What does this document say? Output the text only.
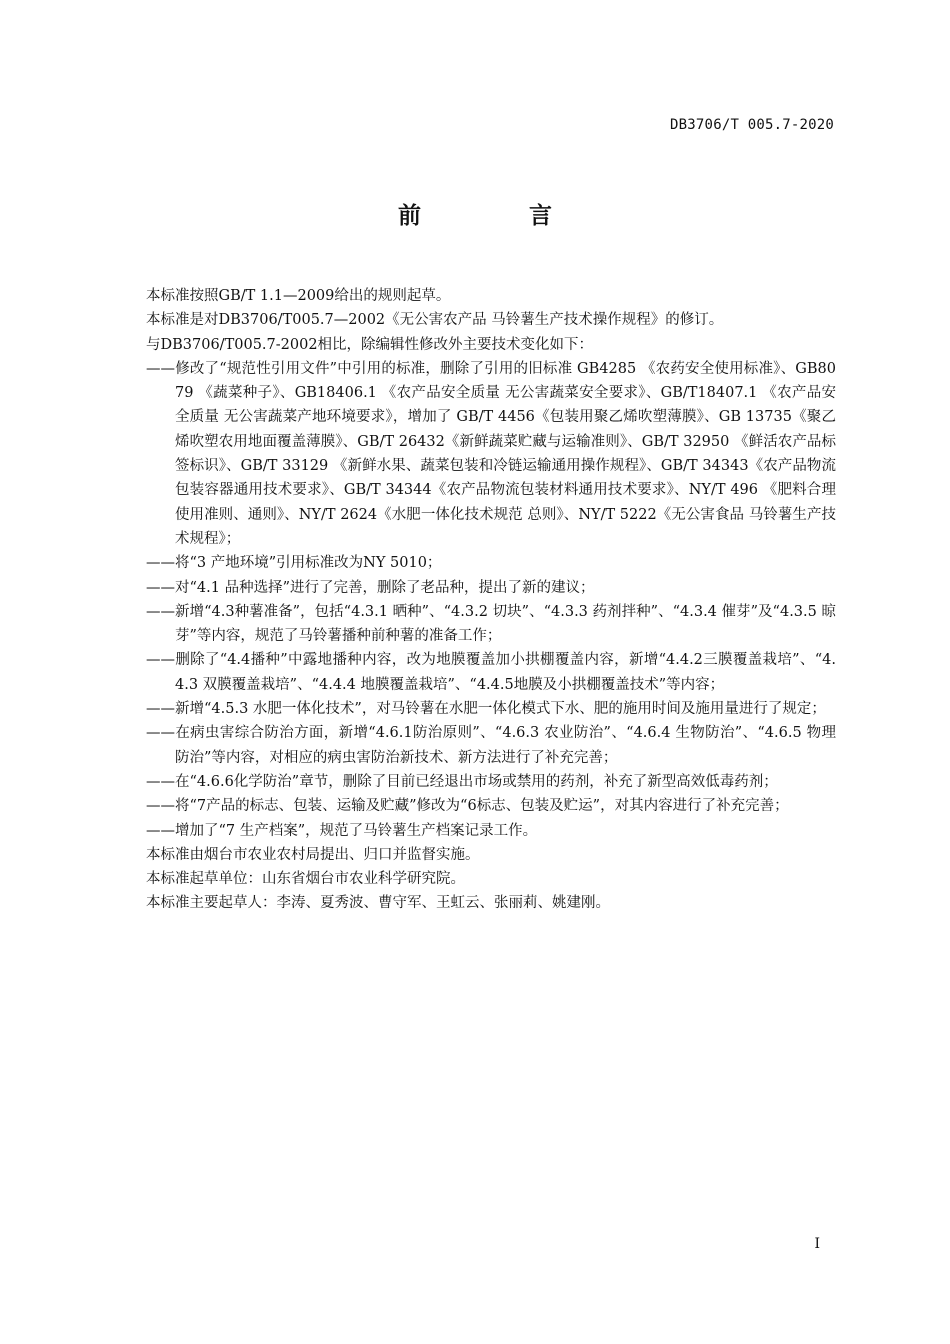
DB3706/T 005.7-2020
前 言

本标准按照GB/T 1.1—2009给出的规则起草。

本标准是对DB3706/T005.7—2002《无公害农产品 马铃薯生产技术操作规程》的修订。

与DB3706/T005.7-2002相比，除编辑性修改外主要技术变化如下：

——修改了“规范性引用文件”中引用的标准，删除了引用的旧标准 GB4285 《农药安全使用标准》、GB8079 《蔬菜种子》、GB18406.1 《农产品安全质量 无公害蔬菜安全要求》、GB/T18407.1 《农产品安全质量 无公害蔬菜产地环境要求》，增加了 GB/T 4456《包装用聚乙烯吹塑薄膜》、GB 13735《聚乙烯吹塑农用地面覆盖薄膜》、GB/T 26432《新鲜蔬菜贮藏与运输准则》、GB/T 32950 《鲜活农产品标签标识》、GB/T 33129 《新鲜水果、蔬菜包装和冷链运输通用操作规程》、GB/T 34343《农产品物流包装容器通用技术要求》、GB/T 34344《农产品物流包装材料通用技术要求》、NY/T 496 《肥料合理使用准则、通则》、NY/T 2624《水肥一体化技术规范 总则》、NY/T 5222《无公害食品 马铃薯生产技术规程》；
——将“3 产地环境”引用标准改为NY 5010；
——对“4.1 品种选择”进行了完善，删除了老品种，提出了新的建议；
——新增“4.3种薯准备”，包括“4.3.1 晒种”、“4.3.2 切块”、“4.3.3 药剂拌种”、“4.3.4 催芽”及“4.3.5 晾芽”等内容，规范了马铃薯播种前种薯的准备工作；
——删除了“4.4播种”中露地播种内容，改为地膜覆盖加小拱棚覆盖内容，新增“4.4.2三膜覆盖栽培”、“4.4.3 双膜覆盖栽培”、“4.4.4 地膜覆盖栽培”、“4.4.5地膜及小拱棚覆盖技术”等内容；
——新增“4.5.3 水肥一体化技术”，对马铃薯在水肥一体化模式下水、肥的施用时间及施用量进行了规定；
——在病虫害综合防治方面，新增“4.6.1防治原则”、“4.6.3 农业防治”、“4.6.4 生物防治”、“4.6.5 物理防治”等内容，对相应的病虫害防治新技术、新方法进行了补充完善；
——在“4.6.6化学防治”章节，删除了目前已经退出市场或禁用的药剂，补充了新型高效低毒药剂；
——将“7产品的标志、包装、运输及贮藏”修改为“6标志、包装及贮运”，对其内容进行了补充完善；
——增加了“7 生产档案”，规范了马铃薯生产档案记录工作。

本标准由烟台市农业农村局提出、归口并监督实施。

本标准起草单位：山东省烟台市农业科学研究院。

本标准主要起草人：李涛、夏秀波、曹守军、王虹云、张丽莉、姚建刚。

I
